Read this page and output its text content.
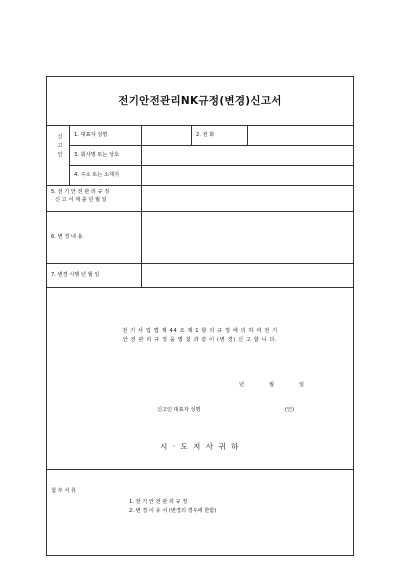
전기안전관리NK규정(변경)신고서
신
고
인
1. 대표자 성명	2. 전 화
3. 회사명 또는 상호
4. 주소 또는 소재지
5. 전 기 안 전 관 리 규 정
신 고 서 제 출 년 월 일
6. 변 경 내 용
7. 변경 시행 년 월 일
전 기 사 업 법 제 44 조 제 1 항 의 규 정 에 의 하 여 전 기
안 전 관 리 규 정 을 별 첨 과 같 이 (변 경) 신 고 합 니 다.
년	월	일
신고인 대표자 성명	(인)
시 · 도 지 사 귀 하
첨 부 서 류
1. 전 기 안 전 관 리 규 정
2. 변 경 이 유 서 (변경의 경우에 한함)
